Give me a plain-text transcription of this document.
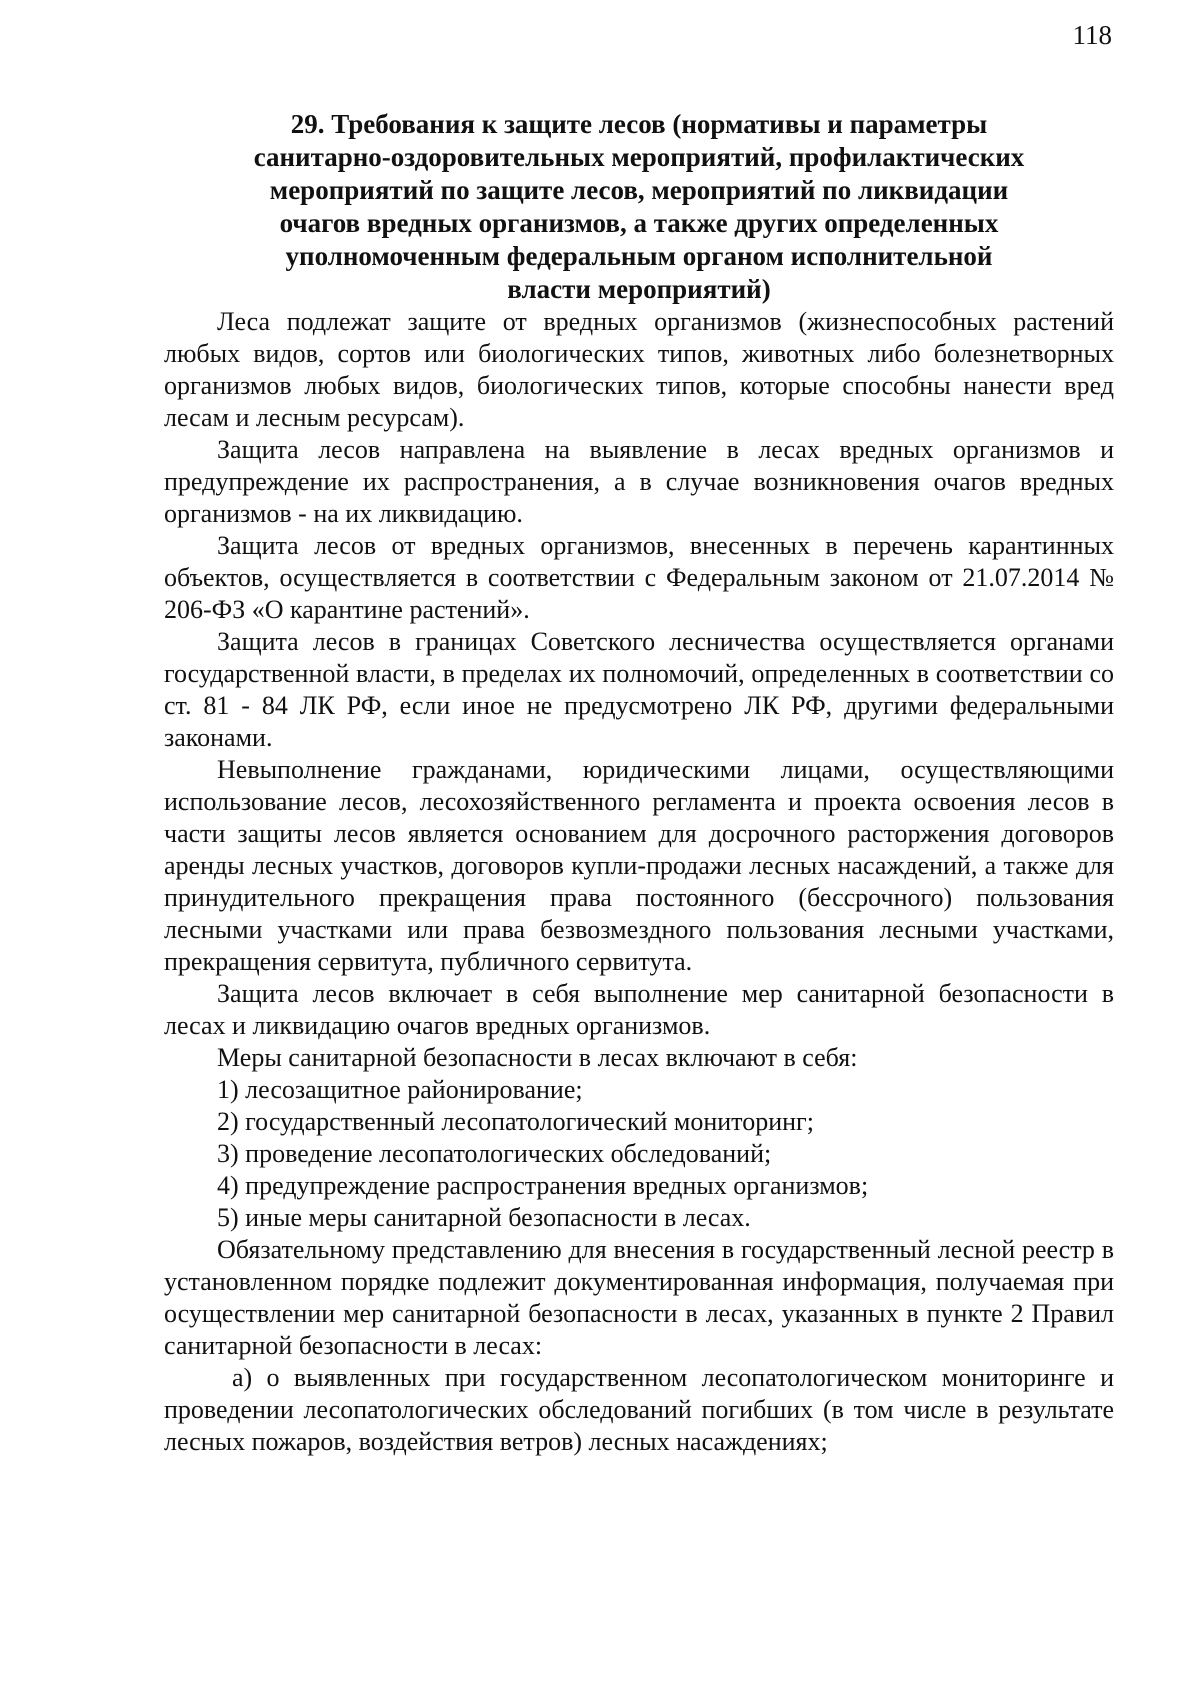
118

29. Требования к защите лесов (нормативы и параметры
санитарно-оздоровительных мероприятий, профилактических
мероприятий по защите лесов, мероприятий по ликвидации
очагов вредных организмов, а также других определенных
уполномоченным федеральным органом исполнительной
власти мероприятий)

Леса подлежат защите от вредных организмов (жизнеспособных растений любых видов, сортов или биологических типов, животных либо болезнетворных организмов любых видов, биологических типов, которые способны нанести вред лесам и лесным ресурсам).

Защита лесов направлена на выявление в лесах вредных организмов и предупреждение их распространения, а в случае возникновения очагов вредных организмов - на их ликвидацию.

Защита лесов от вредных организмов, внесенных в перечень карантинных объектов, осуществляется в соответствии с Федеральным законом от 21.07.2014 № 206-ФЗ «О карантине растений».

Защита лесов в границах Советского лесничества осуществляется органами государственной власти, в пределах их полномочий, определенных в соответствии со ст. 81 - 84 ЛК РФ, если иное не предусмотрено ЛК РФ, другими федеральными законами.

Невыполнение гражданами, юридическими лицами, осуществляющими использование лесов, лесохозяйственного регламента и проекта освоения лесов в части защиты лесов является основанием для досрочного расторжения договоров аренды лесных участков, договоров купли-продажи лесных насаждений, а также для принудительного прекращения права постоянного (бессрочного) пользования лесными участками или права безвозмездного пользования лесными участками, прекращения сервитута, публичного сервитута.

Защита лесов включает в себя выполнение мер санитарной безопасности в лесах и ликвидацию очагов вредных организмов.

Меры санитарной безопасности в лесах включают в себя:

1) лесозащитное районирование;
2) государственный лесопатологический мониторинг;
3) проведение лесопатологических обследований;
4) предупреждение распространения вредных организмов;
5) иные меры санитарной безопасности в лесах.

Обязательному представлению для внесения в государственный лесной реестр в установленном порядке подлежит документированная информация, получаемая при осуществлении мер санитарной безопасности в лесах, указанных в пункте 2 Правил санитарной безопасности в лесах:

а) о выявленных при государственном лесопатологическом мониторинге и проведении лесопатологических обследований погибших (в том числе в результате лесных пожаров, воздействия ветров) лесных насаждениях;
